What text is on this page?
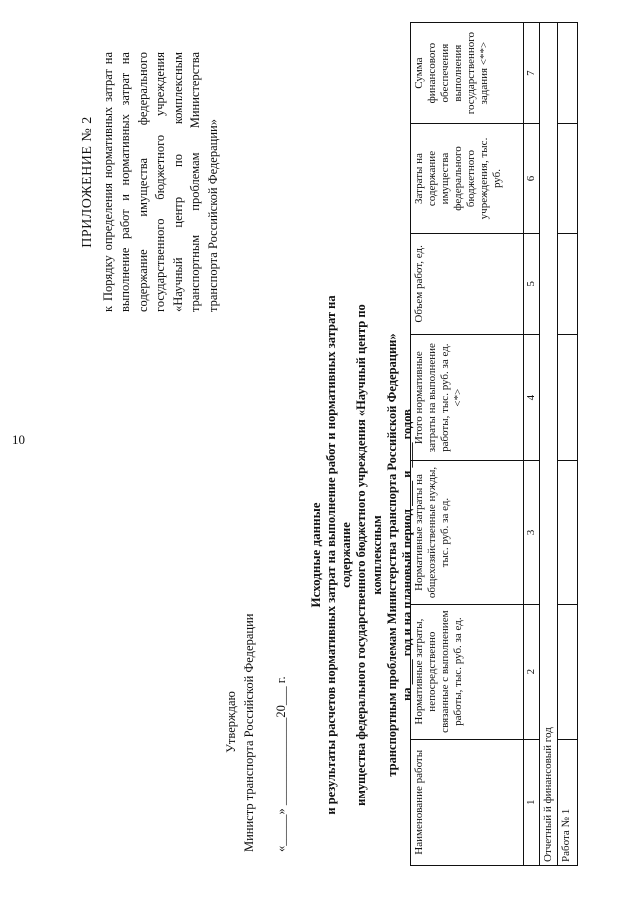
10
ПРИЛОЖЕНИЕ № 2 к Порядку определения нормативных затрат на выполнение работ и нормативных затрат на содержание имущества федерального государственного бюджетного учреждения «Научный центр по комплексным транспортным проблемам Министерства транспорта Российской Федерации»
Утверждаю Министр транспорта Российской Федерации «_____» ______________20___ г.
Исходные данные и результаты расчетов нормативных затрат на выполнение работ и нормативных затрат на содержание имущества федерального государственного бюджетного учреждения «Научный центр по комплексным транспортным проблемам Министерства транспорта Российской Федерации» на ____ год и на плановый период ____ и ____ годов
Наименование работы	Нормативные затраты, непосредственно связанные с выполнением работы, тыс. руб. за ед.	Нормативные затраты на общехозяйственные нужды, тыс. руб. за ед.	Итого нормативные затраты на выполнение работы, тыс. руб. за ед. <*>	Объем работ, ед.	Затраты на содержание имущества федерального бюджетного учреждения, тыс. руб.	Сумма финансового обеспечения выполнения государственного задания <**>
1	2	3	4	5	6	7
Отчетный й финансовый год						
Работа № 1						
